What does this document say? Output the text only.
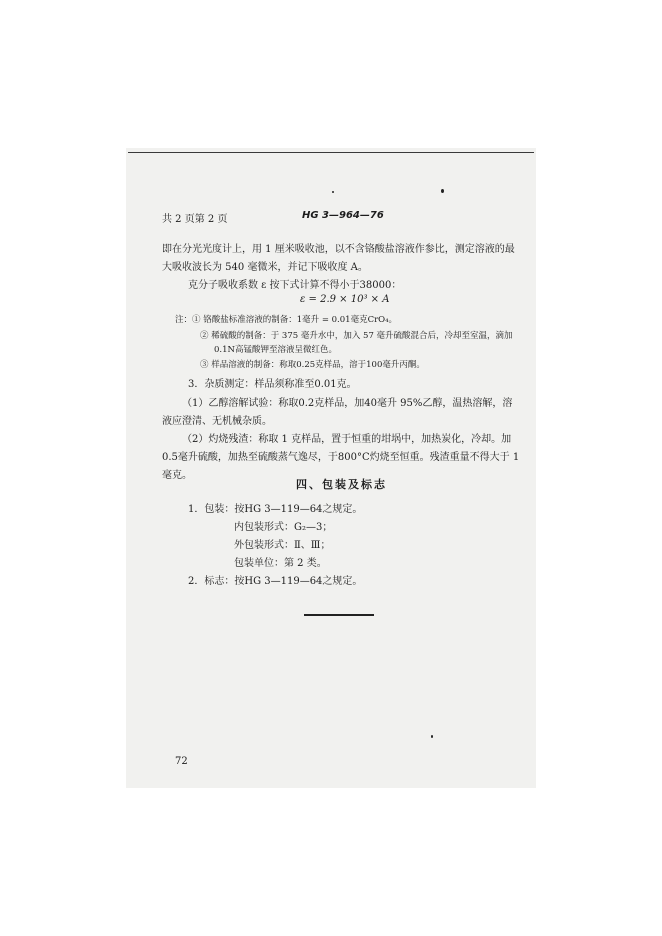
共 2 页第 2 页	HG 3—964—76
即在分光光度计上，用 1 厘米吸收池，以不含铬酸盐溶液作参比，测定溶液的最
大吸收波长为 540 毫微米，并记下吸收度 A。
克分子吸收系数 ε 按下式计算不得小于38000：
ε = 2.9 × 10³ × A
注：① 铬酸盐标准溶液的制备：1毫升 = 0.01毫克CrO₄。
② 稀硫酸的制备：于 375 毫升水中，加入 57 毫升硫酸混合后，冷却至室温，滴加
0.1N高锰酸钾至溶液呈微红色。
③ 样品溶液的制备：称取0.25克样品，溶于100毫升丙酮。
3．杂质测定：样品须称准至0.01克。
（1）乙醇溶解试验：称取0.2克样品，加40毫升 95%乙醇，温热溶解，溶
液应澄清、无机械杂质。
（2）灼烧残渣：称取 1 克样品，置于恒重的坩埚中，加热炭化，冷却。加
0.5毫升硫酸，加热至硫酸蒸气逸尽，于800°C灼烧至恒重。残渣重量不得大于 1
毫克。
四、包装及标志
1．包装：按HG 3—119—64之规定。
内包装形式：G₂—3；
外包装形式：Ⅱ、Ⅲ；
包装单位：第 2 类。
2．标志：按HG 3—119—64之规定。
72
